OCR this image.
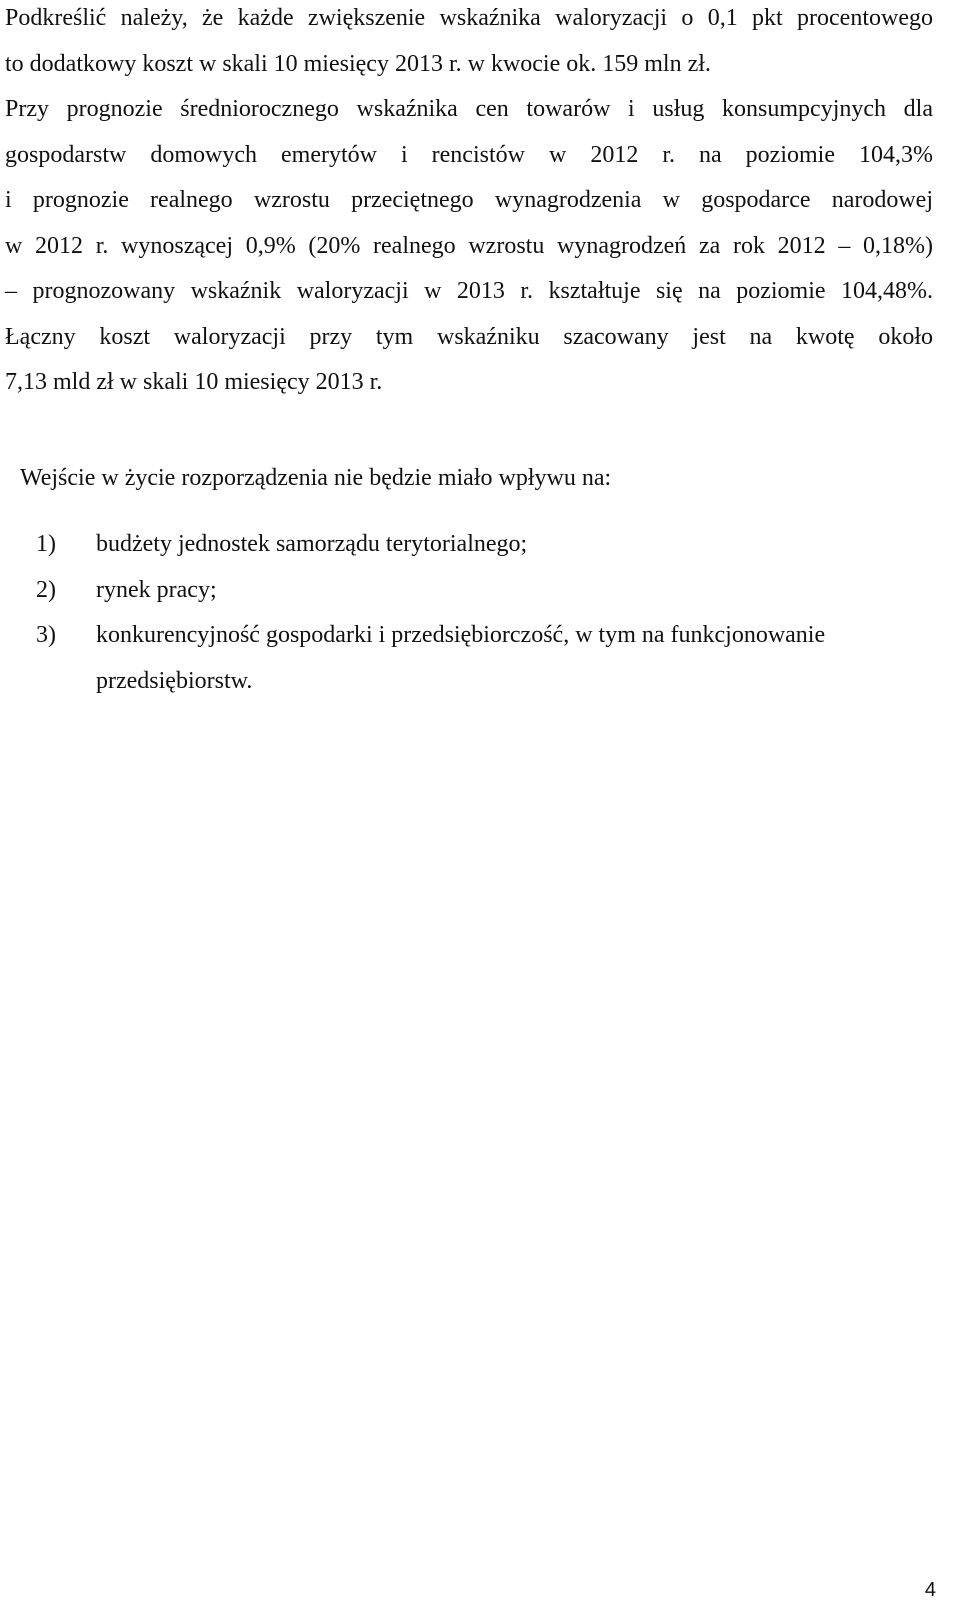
Podkreślić należy, że każde zwiększenie wskaźnika waloryzacji o 0,1 pkt procentowego
to dodatkowy koszt w skali 10 miesięcy 2013 r. w kwocie ok. 159 mln zł.
Przy prognozie średniorocznego wskaźnika cen towarów i usług konsumpcyjnych dla
gospodarstw domowych emerytów i rencistów w 2012 r. na poziomie 104,3%
i prognozie realnego wzrostu przeciętnego wynagrodzenia w gospodarce narodowej
w 2012 r. wynoszącej 0,9% (20% realnego wzrostu wynagrodzeń za rok 2012 – 0,18%)
– prognozowany wskaźnik waloryzacji w 2013 r. kształtuje się na poziomie 104,48%.
Łączny koszt waloryzacji przy tym wskaźniku szacowany jest na kwotę około
7,13 mld zł w skali 10 miesięcy 2013 r.

Wejście w życie rozporządzenia nie będzie miało wpływu na:

1) budżety jednostek samorządu terytorialnego;
2) rynek pracy;
3) konkurencyjność gospodarki i przedsiębiorczość, w tym na funkcjonowanie
przedsiębiorstw.
4
